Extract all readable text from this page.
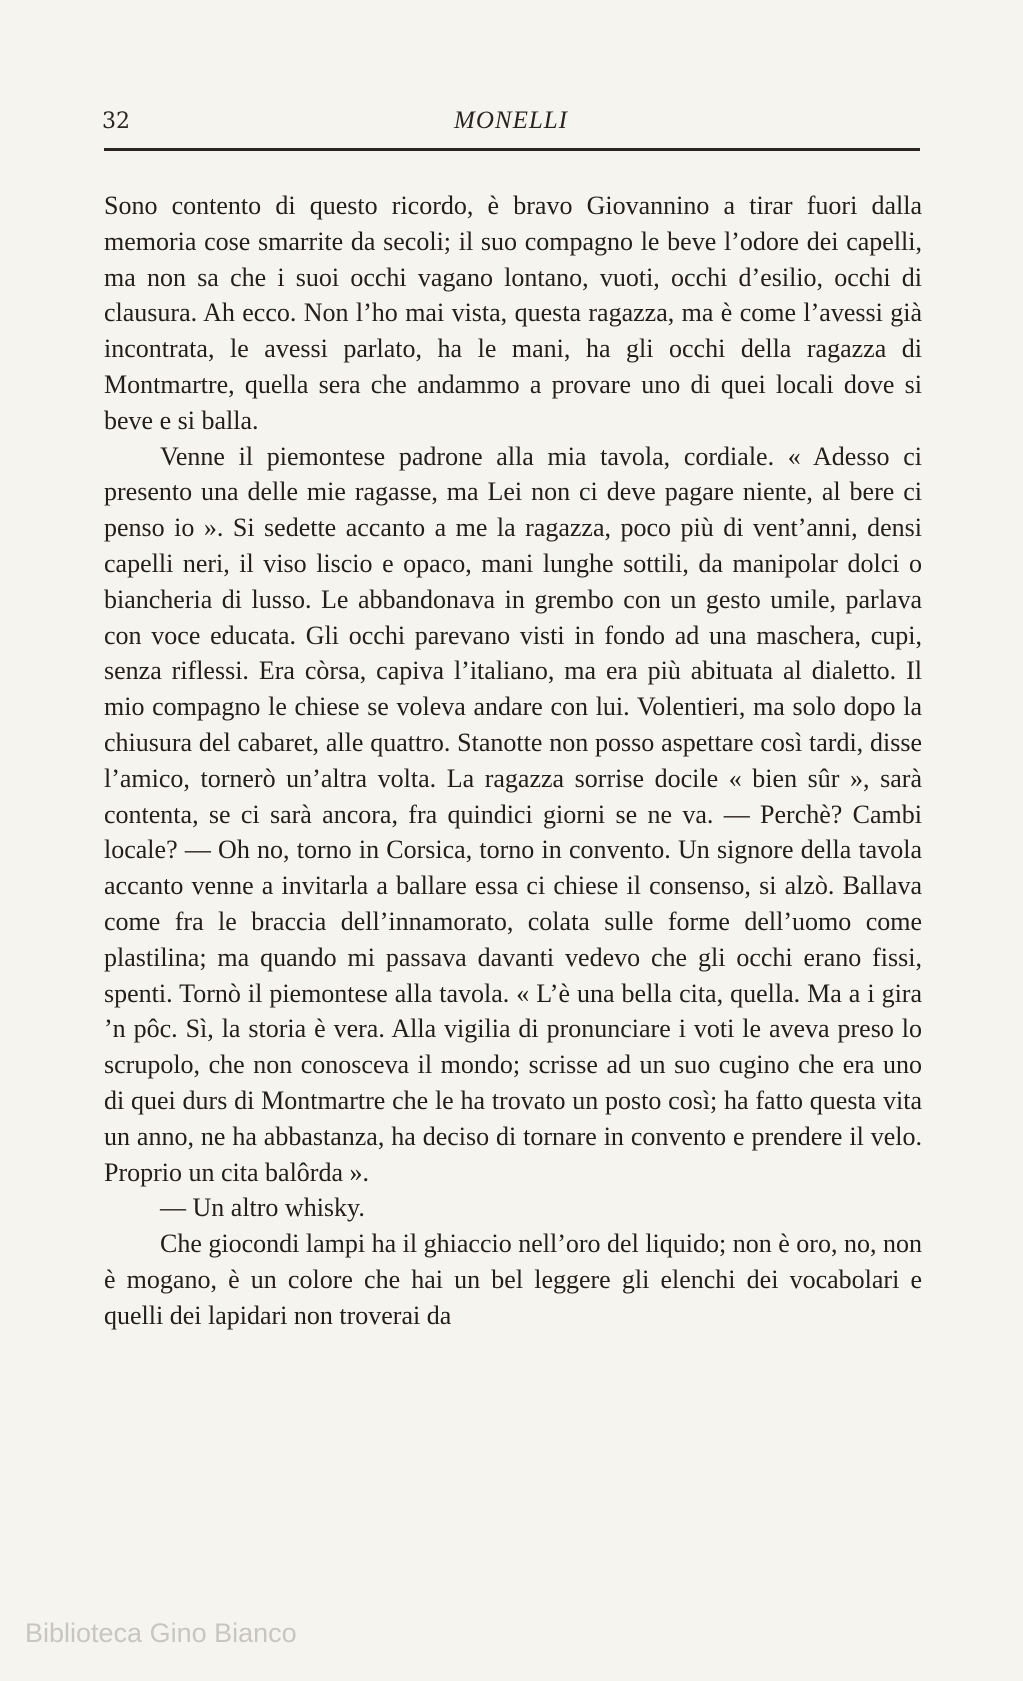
32	MONELLI

Sono contento di questo ricordo, è bravo Giovannino a tirar fuori dalla memoria cose smarrite da secoli; il suo compagno le beve l’odore dei capelli, ma non sa che i suoi occhi vagano lontano, vuoti, occhi d’esilio, occhi di clausura. Ah ecco. Non l’ho mai vista, questa ragazza, ma è come l’avessi già incontrata, le avessi parlato, ha le mani, ha gli occhi della ragazza di Montmartre, quella sera che andammo a provare uno di quei locali dove si beve e si balla.

Venne il piemontese padrone alla mia tavola, cordiale. « Adesso ci presento una delle mie ragasse, ma Lei non ci deve pagare niente, al bere ci penso io ». Si sedette accanto a me la ragazza, poco più di vent’anni, densi capelli neri, il viso liscio e opaco, mani lunghe sottili, da manipolar dolci o biancheria di lusso. Le abbandonava in grembo con un gesto umile, parlava con voce educata. Gli occhi parevano visti in fondo ad una maschera, cupi, senza riflessi. Era còrsa, capiva l’italiano, ma era più abituata al dialetto. Il mio compagno le chiese se voleva andare con lui. Volentieri, ma solo dopo la chiusura del cabaret, alle quattro. Stanotte non posso aspettare così tardi, disse l’amico, tornerò un’altra volta. La ragazza sorrise docile « bien sûr », sarà contenta, se ci sarà ancora, fra quindici giorni se ne va. — Perchè? Cambi locale? — Oh no, torno in Corsica, torno in convento. Un signore della tavola accanto venne a invitarla a ballare essa ci chiese il consenso, si alzò. Ballava come fra le braccia dell’innamorato, colata sulle forme dell’uomo come plastilina; ma quando mi passava davanti vedevo che gli occhi erano fissi, spenti. Tornò il piemontese alla tavola. « L’è una bella cita, quella. Ma a i gira ’n pôc. Sì, la storia è vera. Alla vigilia di pronunciare i voti le aveva preso lo scrupolo, che non conosceva il mondo; scrisse ad un suo cugino che era uno di quei durs di Montmartre che le ha trovato un posto così; ha fatto questa vita un anno, ne ha abbastanza, ha deciso di tornare in convento e prendere il velo. Proprio un cita balôrda ».

— Un altro whisky.

Che giocondi lampi ha il ghiaccio nell’oro del liquido; non è oro, no, non è mogano, è un colore che hai un bel leggere gli elenchi dei vocabolari e quelli dei lapidari non troverai da

Biblioteca Gino Bianco
